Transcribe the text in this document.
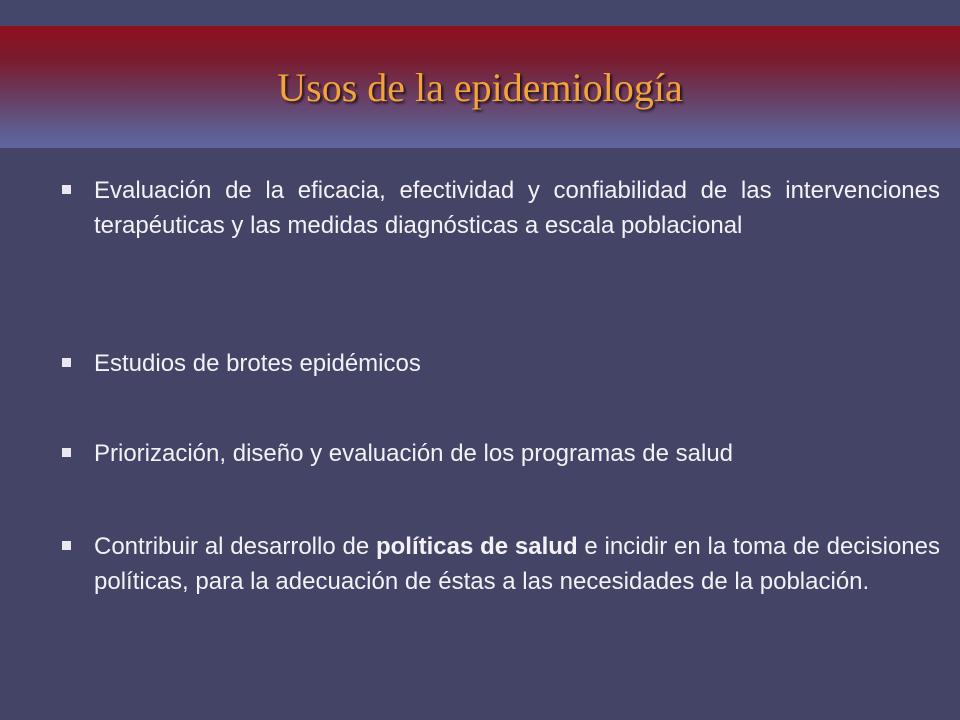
Usos de la epidemiología
Evaluación de la eficacia, efectividad y confiabilidad de las intervenciones terapéuticas y las medidas diagnósticas a escala poblacional
Estudios de brotes epidémicos
Priorización, diseño y evaluación de los programas de salud
Contribuir al desarrollo de políticas de salud e incidir en la toma de decisiones políticas, para la adecuación de éstas a las necesidades de la población.
